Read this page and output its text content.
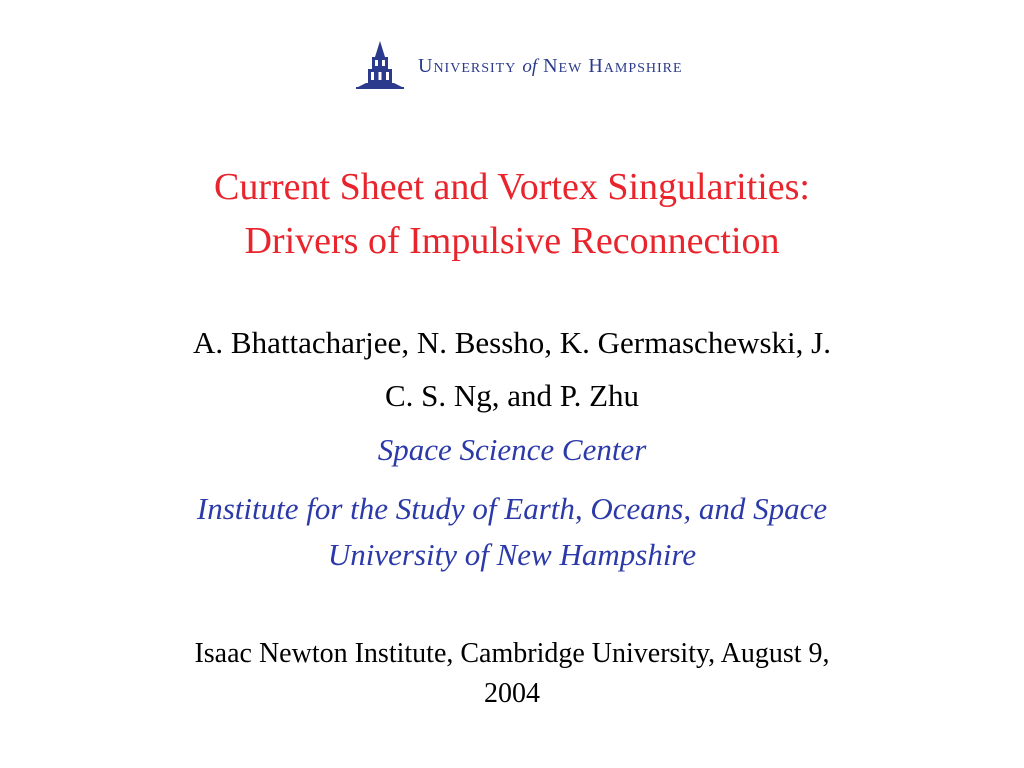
University of New Hampshire
Current Sheet and Vortex Singularities:
Drivers of Impulsive Reconnection
A. Bhattacharjee, N. Bessho, K. Germaschewski, J.
C. S. Ng, and P. Zhu
Space Science Center
Institute for the Study of Earth, Oceans, and Space
University of New Hampshire
Isaac Newton Institute, Cambridge University, August 9,
2004
